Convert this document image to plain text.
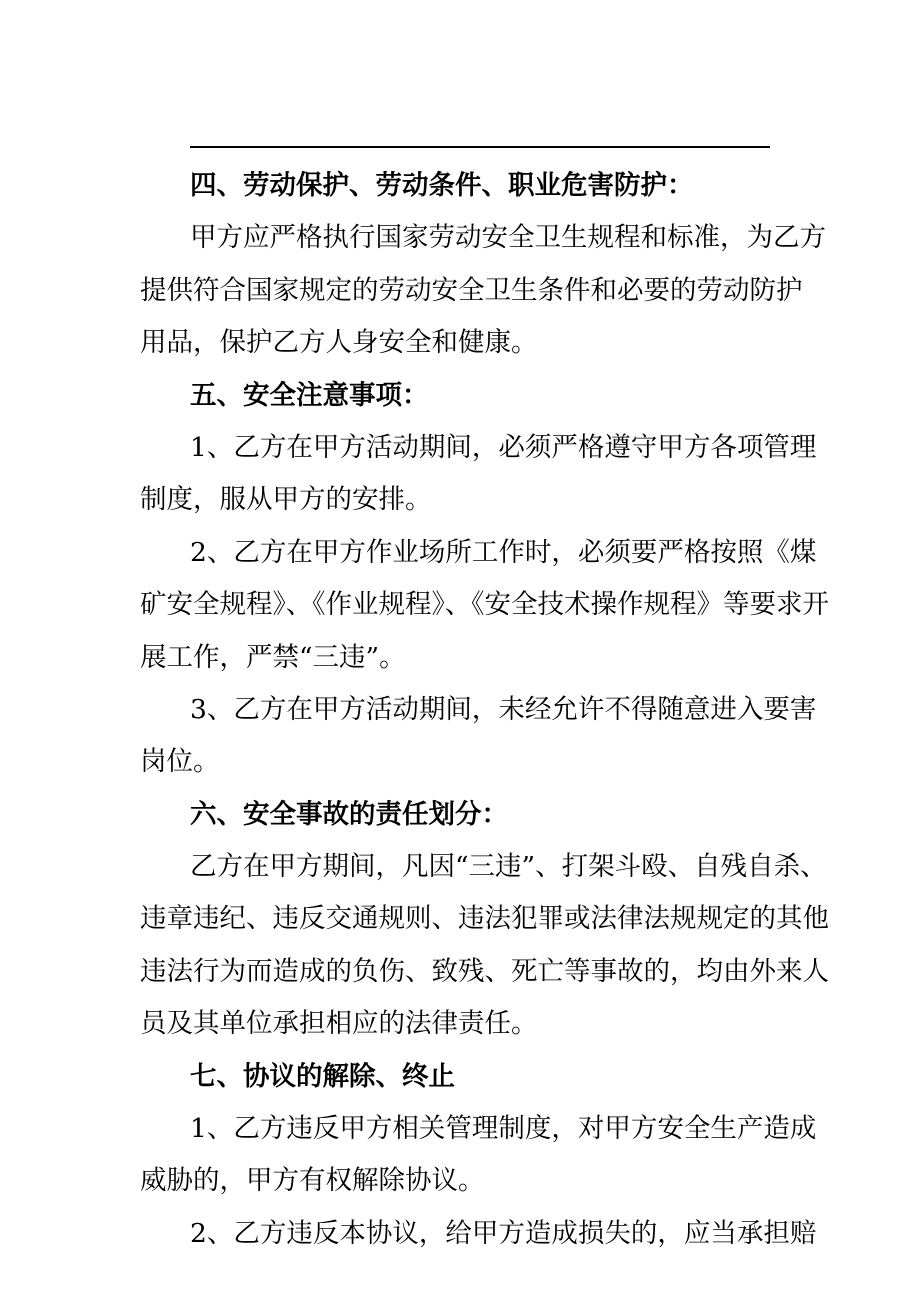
四、劳动保护、劳动条件、职业危害防护：
甲方应严格执行国家劳动安全卫生规程和标准，为乙方
提供符合国家规定的劳动安全卫生条件和必要的劳动防护
用品，保护乙方人身安全和健康。
五、安全注意事项：
1、乙方在甲方活动期间，必须严格遵守甲方各项管理
制度，服从甲方的安排。
2、乙方在甲方作业场所工作时，必须要严格按照《煤
矿安全规程》、《作业规程》、《安全技术操作规程》等要求开
展工作，严禁“三违”。
3、乙方在甲方活动期间，未经允许不得随意进入要害
岗位。
六、安全事故的责任划分：
乙方在甲方期间，凡因“三违”、打架斗殴、自残自杀、
违章违纪、违反交通规则、违法犯罪或法律法规规定的其他
违法行为而造成的负伤、致残、死亡等事故的，均由外来人
员及其单位承担相应的法律责任。
七、协议的解除、终止
1、乙方违反甲方相关管理制度，对甲方安全生产造成
威胁的，甲方有权解除协议。
2、乙方违反本协议，给甲方造成损失的，应当承担赔
